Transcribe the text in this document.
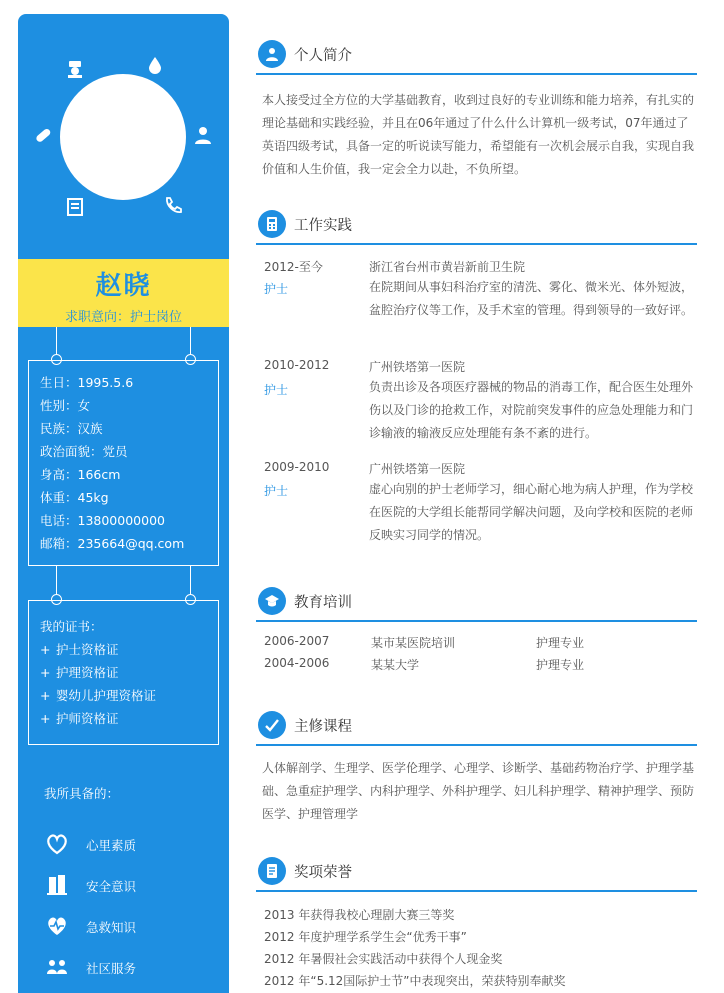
赵晓
求职意向：护士岗位
生日：1995.5.6
性别：女
民族：汉族
政治面貌：党员
身高：166cm
体重：45kg
电话：13800000000
邮箱：235664@qq.com
我的证书：
+ 护士资格证
+ 护理资格证
+ 婴幼儿护理资格证
+ 护师资格证
我所具备的：
心里素质
安全意识
急救知识
社区服务
个人简介
本人接受过全方位的大学基础教育，收到过良好的专业训练和能力培养，有扎实的理论基础和实践经验，并且在06年通过了什么什么计算机一级考试，07年通过了英语四级考试，具备一定的听说读写能力，希望能有一次机会展示自我，实现自我价值和人生价值，我一定会全力以赴，不负所望。
工作实践
2012-至今
护士
浙江省台州市黄岩新前卫生院
在院期间从事妇科治疗室的清洗、雾化、微米光、体外短波，盆腔治疗仪等工作，及手术室的管理。得到领导的一致好评。
2010-2012
护士
广州铁塔第一医院
负责出诊及各项医疗器械的物品的消毒工作，配合医生处理外伤以及门诊的抢救工作，对院前突发事件的应急处理能力和门诊输液的输液反应处理能有条不紊的进行。
2009-2010
护士
广州铁塔第一医院
虚心向别的护士老师学习，细心耐心地为病人护理，作为学校在医院的大学组长能帮同学解决问题，及向学校和医院的老师反映实习同学的情况。
教育培训
2006-2007	某市某医院培训	护理专业
2004-2006	某某大学	护理专业
主修课程
人体解剖学、生理学、医学伦理学、心理学、诊断学、基础药物治疗学、护理学基础、急重症护理学、内科护理学、外科护理学、妇儿科护理学、精神护理学、预防医学、护理管理学
奖项荣誉
2013 年获得我校心理剧大赛三等奖
2012 年度护理学系学生会“优秀干事”
2012 年暑假社会实践活动中获得个人现金奖
2012 年“5.12国际护士节”中表现突出，荣获特别奉献奖
